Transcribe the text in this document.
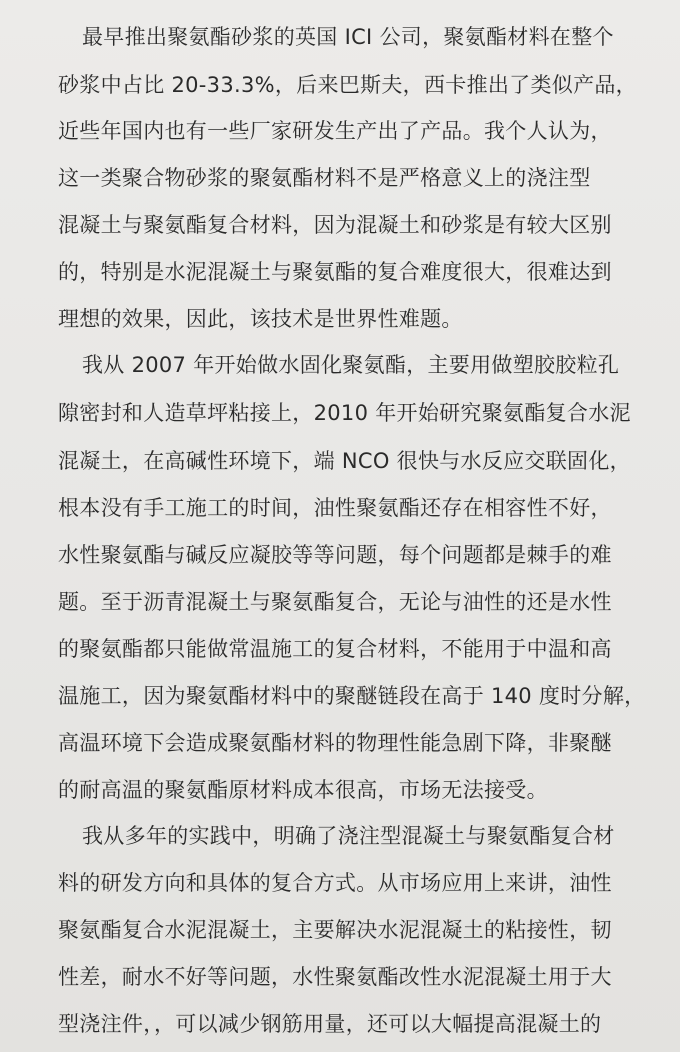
最早推出聚氨酯砂浆的英国 ICI 公司，聚氨酯材料在整个
砂浆中占比 20-33.3%，后来巴斯夫，西卡推出了类似产品，
近些年国内也有一些厂家研发生产出了产品。我个人认为，
这一类聚合物砂浆的聚氨酯材料不是严格意义上的浇注型
混凝土与聚氨酯复合材料，因为混凝土和砂浆是有较大区别
的，特别是水泥混凝土与聚氨酯的复合难度很大，很难达到
理想的效果，因此，该技术是世界性难题。
我从 2007 年开始做水固化聚氨酯，主要用做塑胶胶粒孔
隙密封和人造草坪粘接上，2010 年开始研究聚氨酯复合水泥
混凝土，在高碱性环境下，端 NCO 很快与水反应交联固化，
根本没有手工施工的时间，油性聚氨酯还存在相容性不好，
水性聚氨酯与碱反应凝胶等等问题，每个问题都是棘手的难
题。至于沥青混凝土与聚氨酯复合，无论与油性的还是水性
的聚氨酯都只能做常温施工的复合材料，不能用于中温和高
温施工，因为聚氨酯材料中的聚醚链段在高于 140 度时分解，
高温环境下会造成聚氨酯材料的物理性能急剧下降，非聚醚
的耐高温的聚氨酯原材料成本很高，市场无法接受。
我从多年的实践中，明确了浇注型混凝土与聚氨酯复合材
料的研发方向和具体的复合方式。从市场应用上来讲，油性
聚氨酯复合水泥混凝土，主要解决水泥混凝土的粘接性，韧
性差，耐水不好等问题，水性聚氨酯改性水泥混凝土用于大
型浇注件，，可以减少钢筋用量，还可以大幅提高混凝土的
